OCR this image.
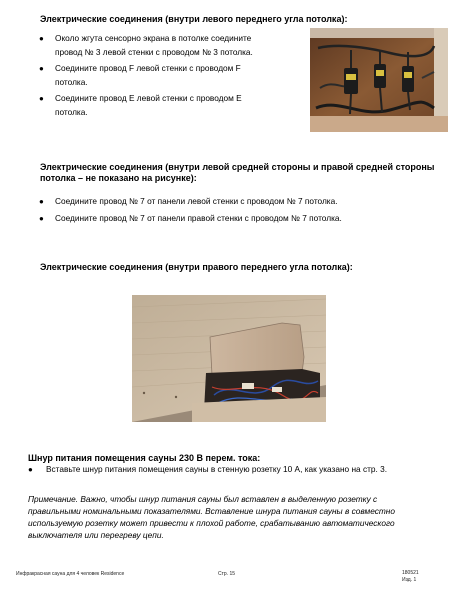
Электрические соединения (внутри левого переднего угла потолка):
● Около жгута сенсорно экрана в потолке соедините
провод № 3 левой стенки с проводом № 3 потолка.
● Соедините провод F левой стенки с проводом F
потолка.
● Соедините провод E левой стенки с проводом E
потолка.
Электрические соединения (внутри левой средней стороны и правой средней стороны
потолка – не показано на рисунке):
● Соедините провод № 7 от панели левой стенки с проводом № 7 потолка.
● Соедините провод № 7 от панели правой стенки с проводом № 7 потолка.
Электрические соединения (внутри правого переднего угла потолка):
Шнур питания помещения сауны 230 В перем. тока:
● Вставьте шнур питания помещения сауны в стенную розетку 10 А, как указано на стр. 3.
Примечание. Важно, чтобы шнур питания сауны был вставлен в выделенную розетку с
правильными номинальными показателями. Вставление шнура питания сауны в совместно
используемую розетку может привести к плохой работе, срабатыванию автоматического
выключателя или перегреву цепи.
Инфракрасная сауна для 4 человек Residence	Стр. 15	180521
Изд. 1
